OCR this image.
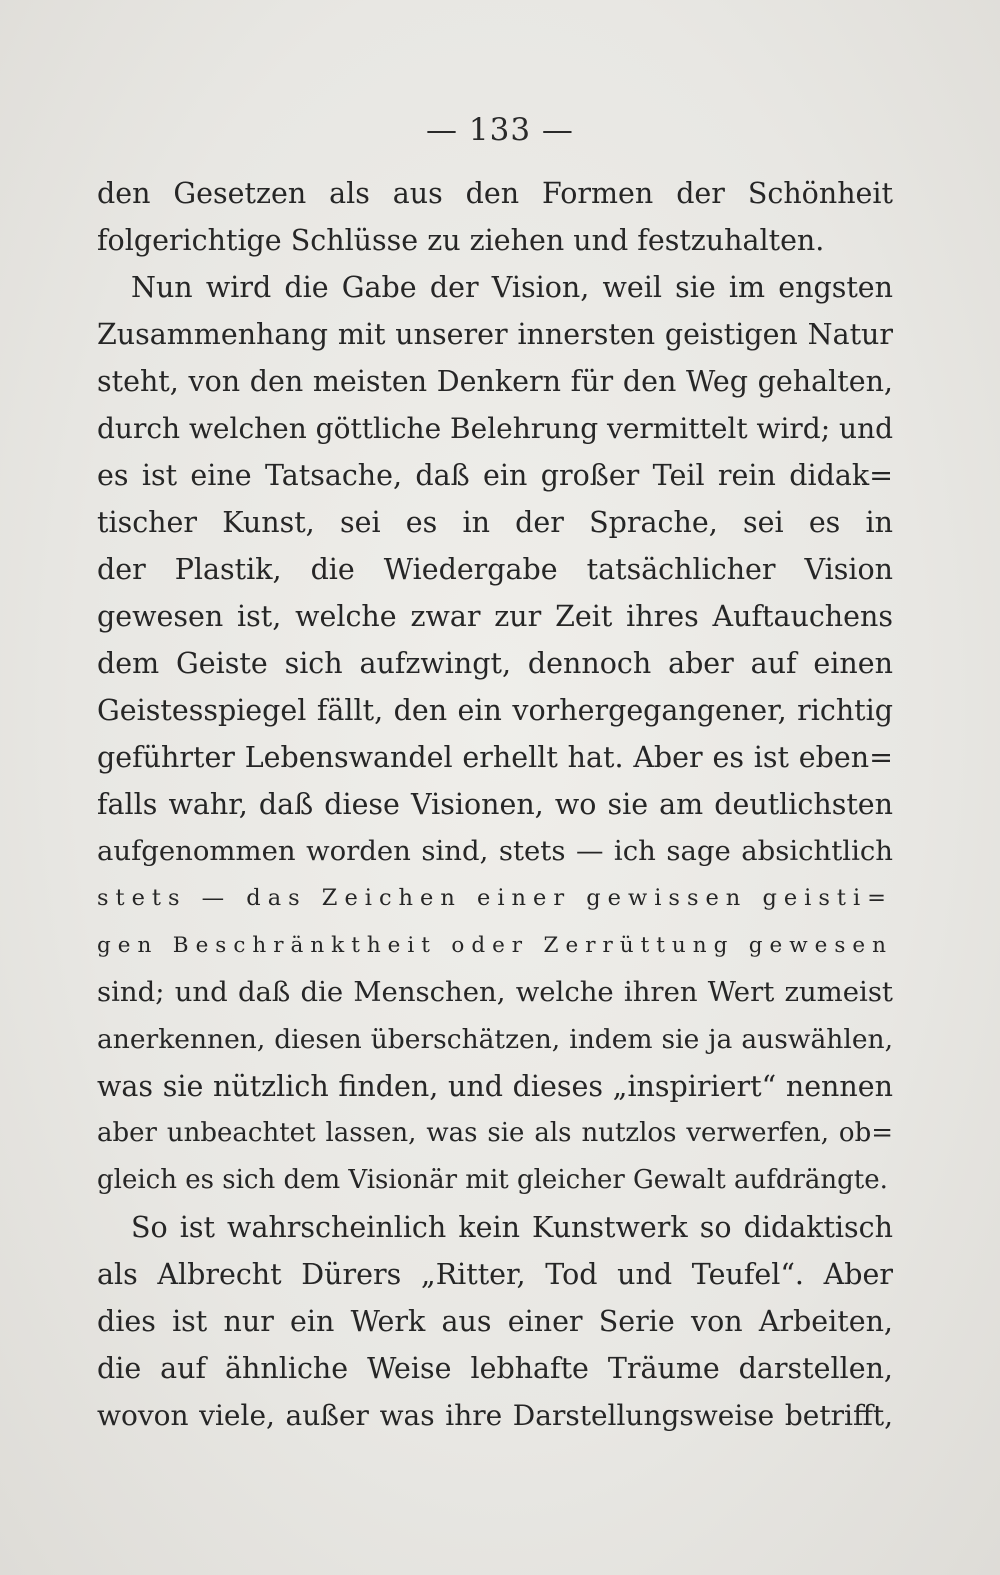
— 133 —
den Gesetzen als aus den Formen der Schönheit
folgerichtige Schlüsse zu ziehen und festzuhalten.
Nun wird die Gabe der Vision, weil sie im engsten
Zusammenhang mit unserer innersten geistigen Natur
steht, von den meisten Denkern für den Weg gehalten,
durch welchen göttliche Belehrung vermittelt wird; und
es ist eine Tatsache, daß ein großer Teil rein didak=
tischer Kunst, sei es in der Sprache, sei es in
der Plastik, die Wiedergabe tatsächlicher Vision
gewesen ist, welche zwar zur Zeit ihres Auftauchens
dem Geiste sich aufzwingt, dennoch aber auf einen
Geistesspiegel fällt, den ein vorhergegangener, richtig
geführter Lebenswandel erhellt hat. Aber es ist eben=
falls wahr, daß diese Visionen, wo sie am deutlichsten
aufgenommen worden sind, stets — ich sage absichtlich
stets — das Zeichen einer gewissen geisti=
gen Beschränktheit oder Zerrüttung gewesen
sind; und daß die Menschen, welche ihren Wert zumeist
anerkennen, diesen überschätzen, indem sie ja auswählen,
was sie nützlich finden, und dieses „inspiriert“ nennen
aber unbeachtet lassen, was sie als nutzlos verwerfen, ob=
gleich es sich dem Visionär mit gleicher Gewalt aufdrängte.
So ist wahrscheinlich kein Kunstwerk so didaktisch
als Albrecht Dürers „Ritter, Tod und Teufel“. Aber
dies ist nur ein Werk aus einer Serie von Arbeiten,
die auf ähnliche Weise lebhafte Träume darstellen,
wovon viele, außer was ihre Darstellungsweise betrifft,
